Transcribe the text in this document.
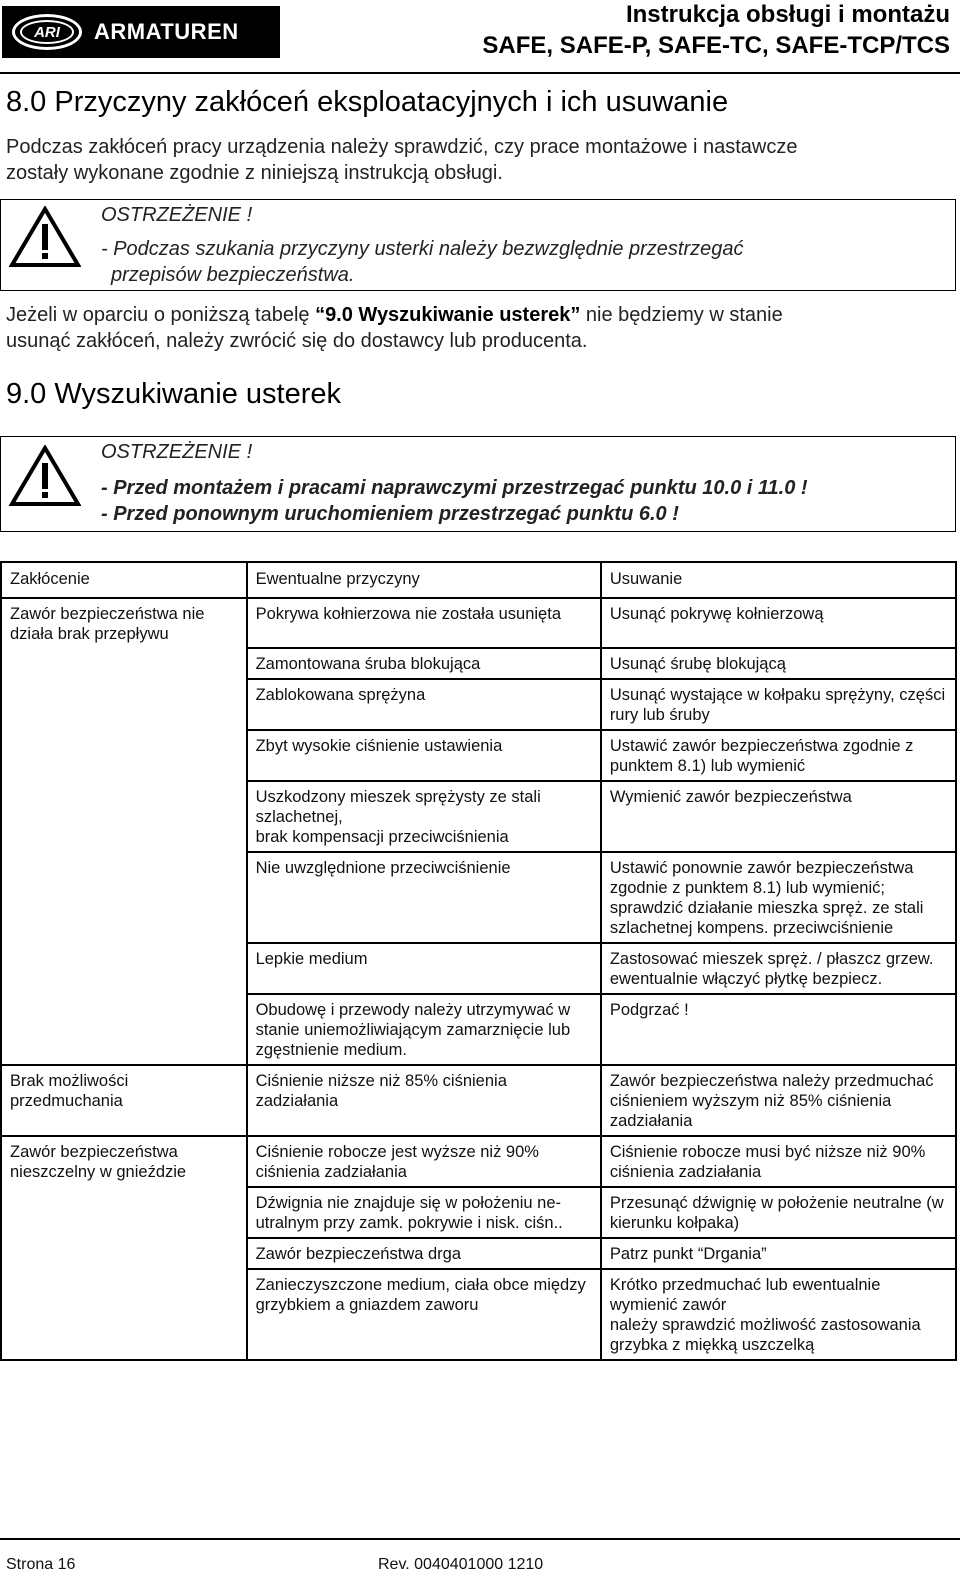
ARI	ARMATUREN
Instrukcja obsługi i montażu
SAFE, SAFE-P, SAFE-TC, SAFE-TCP/TCS
8.0 Przyczyny zakłóceń eksploatacyjnych i ich usuwanie
Podczas zakłóceń pracy urządzenia należy sprawdzić, czy prace montażowe i nastawcze
zostały wykonane zgodnie z niniejszą instrukcją obsługi.
OSTRZEŻENIE !
- Podczas szukania przyczyny usterki należy bezwzględnie przestrzegać
przepisów bezpieczeństwa.
Jeżeli w oparciu o poniższą tabelę “9.0 Wyszukiwanie usterek” nie będziemy w stanie
usunąć zakłóceń, należy zwrócić się do dostawcy lub producenta.
9.0 Wyszukiwanie usterek
OSTRZEŻENIE !
- Przed montażem i pracami naprawczymi przestrzegać punktu 10.0 i 11.0 !
- Przed ponownym uruchomieniem przestrzegać punktu 6.0 !
Zakłócenie	Ewentualne przyczyny	Usuwanie
Zawór bezpieczeństwa nie działa brak przepływu	Pokrywa kołnierzowa nie została usunięta	Usunąć pokrywę kołnierzową
	Zamontowana śruba blokująca	Usunąć śrubę blokującą
	Zablokowana sprężyna	Usunąć wystające w kołpaku sprężyny, części rury lub śruby
	Zbyt wysokie ciśnienie ustawienia	Ustawić zawór bezpieczeństwa zgodnie z punktem 8.1) lub wymienić
	Uszkodzony mieszek sprężysty ze stali szlachetnej,
brak kompensacji przeciwciśnienia	Wymienić zawór bezpieczeństwa
	Nie uwzględnione przeciwciśnienie	Ustawić ponownie zawór bezpieczeństwa zgodnie z punktem 8.1) lub wymienić;
sprawdzić działanie mieszka spręż. ze stali szlachetnej kompens. przeciwciśnienie
	Lepkie medium	Zastosować mieszek spręż. / płaszcz grzew.
ewentualnie włączyć płytkę bezpiecz.
	Obudowę i przewody należy utrzymywać w stanie uniemożliwiającym zamarznięcie lub zgęstnienie medium.	Podgrzać !
Brak możliwości przedmuchania	Ciśnienie niższe niż 85% ciśnienia zadziałania	Zawór bezpieczeństwa należy przedmuchać ciśnieniem wyższym niż 85% ciśnienia zadziałania
Zawór bezpieczeństwa nieszczelny w gnieździe	Ciśnienie robocze jest wyższe niż 90% ciśnienia zadziałania	Ciśnienie robocze musi być niższe niż 90% ciśnienia zadziałania
	Dźwignia nie znajduje się w położeniu ne-utralnym przy zamk. pokrywie i nisk. ciśn..	Przesunąć dźwignię w położenie neutralne (w kierunku kołpaka)
	Zawór bezpieczeństwa drga	Patrz punkt “Drgania”
	Zanieczyszczone medium, ciała obce między grzybkiem a gniazdem zaworu	Krótko przedmuchać lub ewentualnie wymienić zawór
należy sprawdzić możliwość zastosowania grzybka z miękką uszczelką
Strona 16	Rev. 0040401000 1210
